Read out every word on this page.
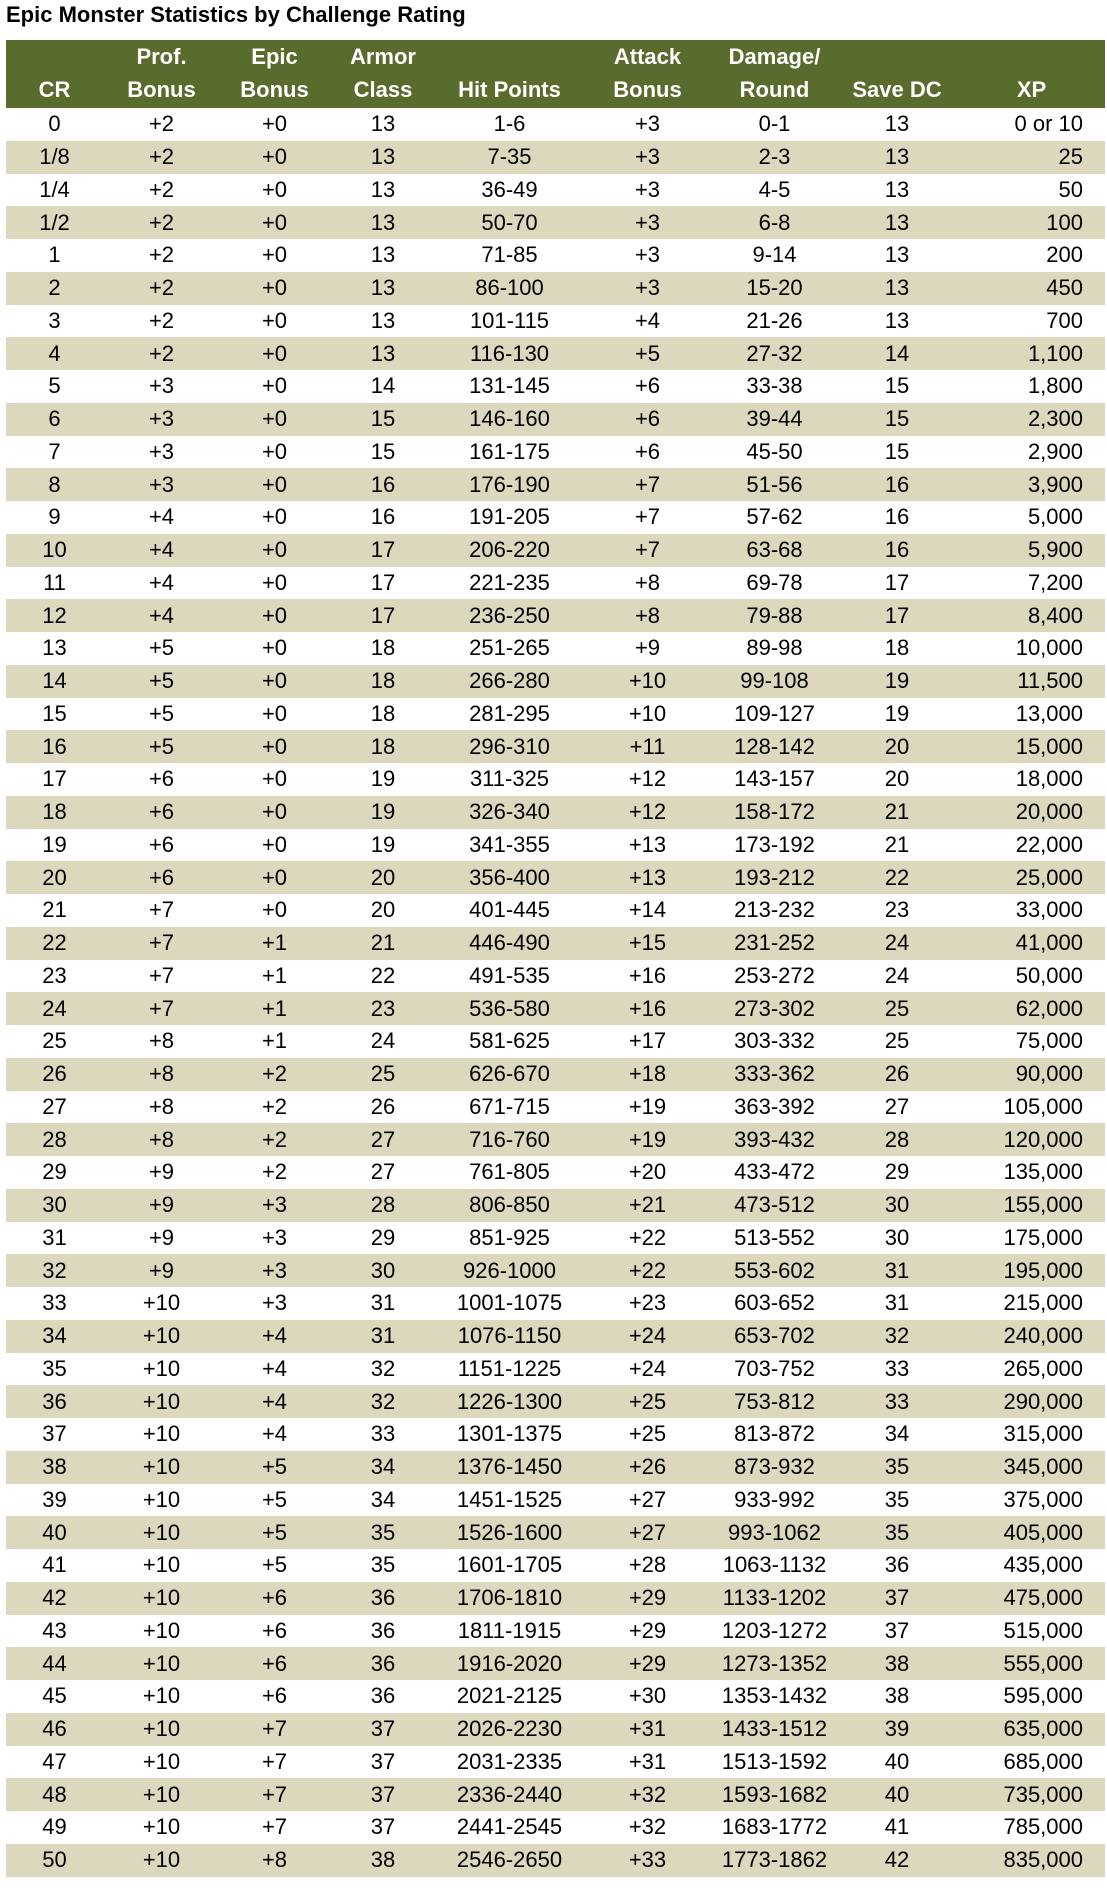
Epic Monster Statistics by Challenge Rating
CR	Prof. Bonus	Epic Bonus	Armor Class	Hit Points	Attack Bonus	Damage/ Round	Save DC	XP
0	+2	+0	13	1-6	+3	0-1	13	0 or 10
1/8	+2	+0	13	7-35	+3	2-3	13	25
1/4	+2	+0	13	36-49	+3	4-5	13	50
1/2	+2	+0	13	50-70	+3	6-8	13	100
1	+2	+0	13	71-85	+3	9-14	13	200
2	+2	+0	13	86-100	+3	15-20	13	450
3	+2	+0	13	101-115	+4	21-26	13	700
4	+2	+0	13	116-130	+5	27-32	14	1,100
5	+3	+0	14	131-145	+6	33-38	15	1,800
6	+3	+0	15	146-160	+6	39-44	15	2,300
7	+3	+0	15	161-175	+6	45-50	15	2,900
8	+3	+0	16	176-190	+7	51-56	16	3,900
9	+4	+0	16	191-205	+7	57-62	16	5,000
10	+4	+0	17	206-220	+7	63-68	16	5,900
11	+4	+0	17	221-235	+8	69-78	17	7,200
12	+4	+0	17	236-250	+8	79-88	17	8,400
13	+5	+0	18	251-265	+9	89-98	18	10,000
14	+5	+0	18	266-280	+10	99-108	19	11,500
15	+5	+0	18	281-295	+10	109-127	19	13,000
16	+5	+0	18	296-310	+11	128-142	20	15,000
17	+6	+0	19	311-325	+12	143-157	20	18,000
18	+6	+0	19	326-340	+12	158-172	21	20,000
19	+6	+0	19	341-355	+13	173-192	21	22,000
20	+6	+0	20	356-400	+13	193-212	22	25,000
21	+7	+0	20	401-445	+14	213-232	23	33,000
22	+7	+1	21	446-490	+15	231-252	24	41,000
23	+7	+1	22	491-535	+16	253-272	24	50,000
24	+7	+1	23	536-580	+16	273-302	25	62,000
25	+8	+1	24	581-625	+17	303-332	25	75,000
26	+8	+2	25	626-670	+18	333-362	26	90,000
27	+8	+2	26	671-715	+19	363-392	27	105,000
28	+8	+2	27	716-760	+19	393-432	28	120,000
29	+9	+2	27	761-805	+20	433-472	29	135,000
30	+9	+3	28	806-850	+21	473-512	30	155,000
31	+9	+3	29	851-925	+22	513-552	30	175,000
32	+9	+3	30	926-1000	+22	553-602	31	195,000
33	+10	+3	31	1001-1075	+23	603-652	31	215,000
34	+10	+4	31	1076-1150	+24	653-702	32	240,000
35	+10	+4	32	1151-1225	+24	703-752	33	265,000
36	+10	+4	32	1226-1300	+25	753-812	33	290,000
37	+10	+4	33	1301-1375	+25	813-872	34	315,000
38	+10	+5	34	1376-1450	+26	873-932	35	345,000
39	+10	+5	34	1451-1525	+27	933-992	35	375,000
40	+10	+5	35	1526-1600	+27	993-1062	35	405,000
41	+10	+5	35	1601-1705	+28	1063-1132	36	435,000
42	+10	+6	36	1706-1810	+29	1133-1202	37	475,000
43	+10	+6	36	1811-1915	+29	1203-1272	37	515,000
44	+10	+6	36	1916-2020	+29	1273-1352	38	555,000
45	+10	+6	36	2021-2125	+30	1353-1432	38	595,000
46	+10	+7	37	2026-2230	+31	1433-1512	39	635,000
47	+10	+7	37	2031-2335	+31	1513-1592	40	685,000
48	+10	+7	37	2336-2440	+32	1593-1682	40	735,000
49	+10	+7	37	2441-2545	+32	1683-1772	41	785,000
50	+10	+8	38	2546-2650	+33	1773-1862	42	835,000
